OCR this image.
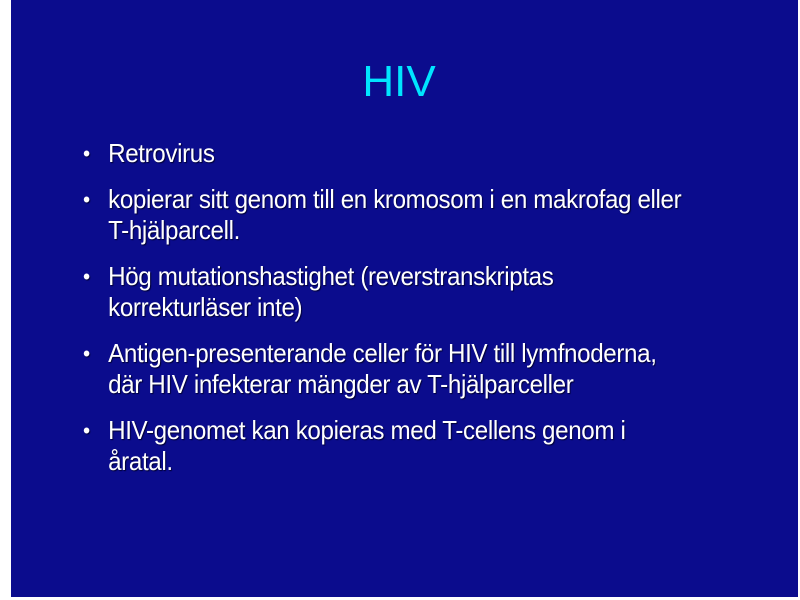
HIV
• Retrovirus
• kopierar sitt genom till en kromosom i en makrofag eller T-hjälparcell.
• Hög mutationshastighet (reverstranskriptas korrekturläser inte)
• Antigen-presenterande celler för HIV till lymfnoderna, där HIV infekterar mängder av T-hjälparceller
• HIV-genomet kan kopieras med T-cellens genom i åratal.
